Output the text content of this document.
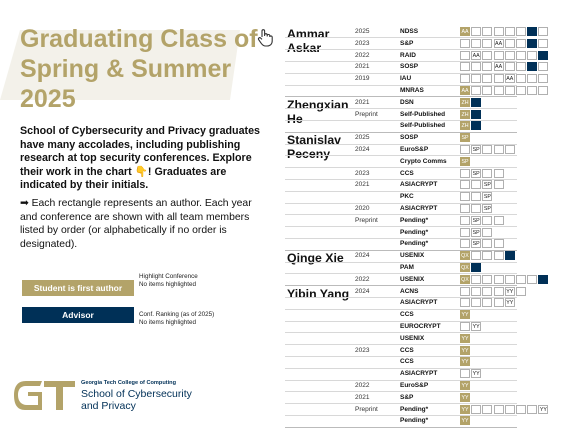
Graduating Class of Spring & Summer 2025
School of Cybersecurity and Privacy graduates have many accolades, including publishing research at top security conferences. Explore their work in the chart 👇! Graduates are indicated by their initials.
➡ Each rectangle represents an author. Each year and conference are shown with all team members listed by order (or alphabetically if no order is designated).
Student is first author
Advisor
Highlight Conference
No items highlighted
Conf. Ranking (as of 2025)
No items highlighted
Georgia Tech College of Computing
School of Cybersecurity
and Privacy
Ammar Askar
2025	NDSS	AA
2023	S&P	AA
2022	RAID	AA
2021	SOSP	AA
2019	IAU	AA
MNRAS	AA
Zhengxian He
2021	DSN	ZH
Preprint	Self-Published	ZH
Self-Published	ZH
Stanislav Peceny
2025	SOSP	SP
2024	EuroS&P	SP
Crypto Comms	SP
2023	CCS	SP
2021	ASIACRYPT	SP
PKC	SP
2020	ASIACRYPT	SP
Preprint	Pending*	SP
Pending*	SP
Pending*	SP
Qinge Xie	2024	USENIX	QX
PAM	QX
2022	USENIX	QX
Yibin Yang 2024	ACNS	YY
ASIACRYPT	YY
CCS	YY
EUROCRYPT	YY
USENIX	YY
2023	CCS	YY
CCS	YY
ASIACRYPT	YY
2022	EuroS&P	YY
2021	S&P	YY
Preprint	Pending*	YY	YY
Pending*	YY
